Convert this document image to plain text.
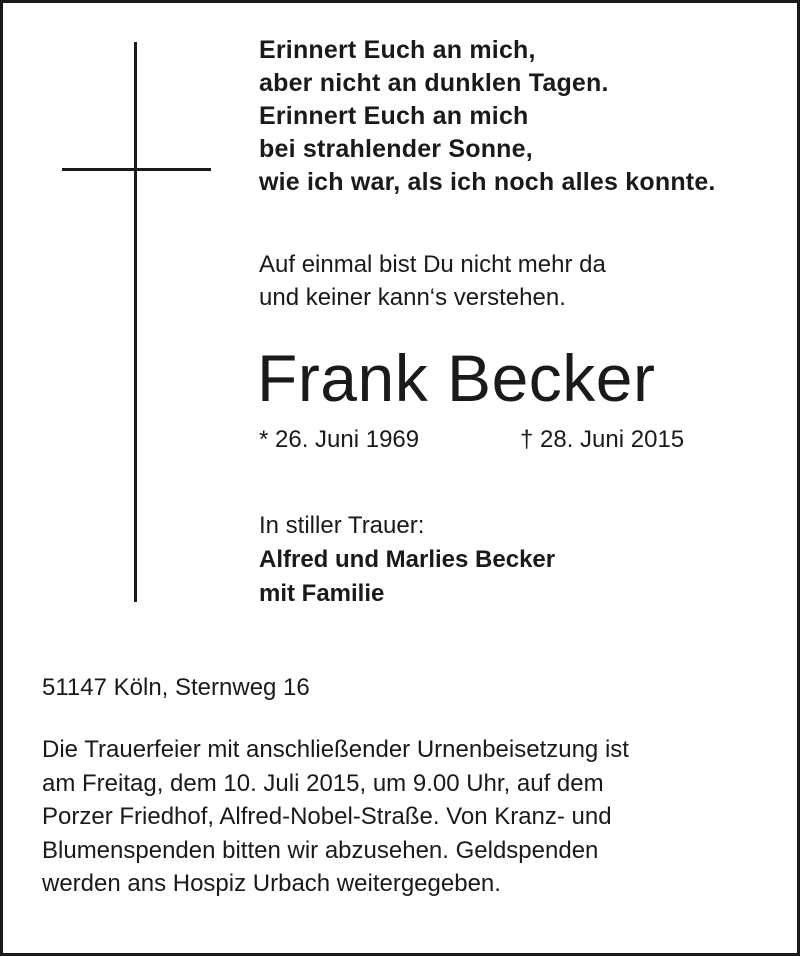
Erinnert Euch an mich,
aber nicht an dunklen Tagen.
Erinnert Euch an mich
bei strahlender Sonne,
wie ich war, als ich noch alles konnte.
Auf einmal bist Du nicht mehr da
und keiner kann‘s verstehen.
Frank Becker
* 26. Juni 1969	† 28. Juni 2015
In stiller Trauer:
Alfred und Marlies Becker
mit Familie
51147 Köln, Sternweg 16
Die Trauerfeier mit anschließender Urnenbeisetzung ist
am Freitag, dem 10. Juli 2015, um 9.00 Uhr, auf dem
Porzer Friedhof, Alfred-Nobel-Straße. Von Kranz- und
Blumenspenden bitten wir abzusehen. Geldspenden
werden ans Hospiz Urbach weitergegeben.
